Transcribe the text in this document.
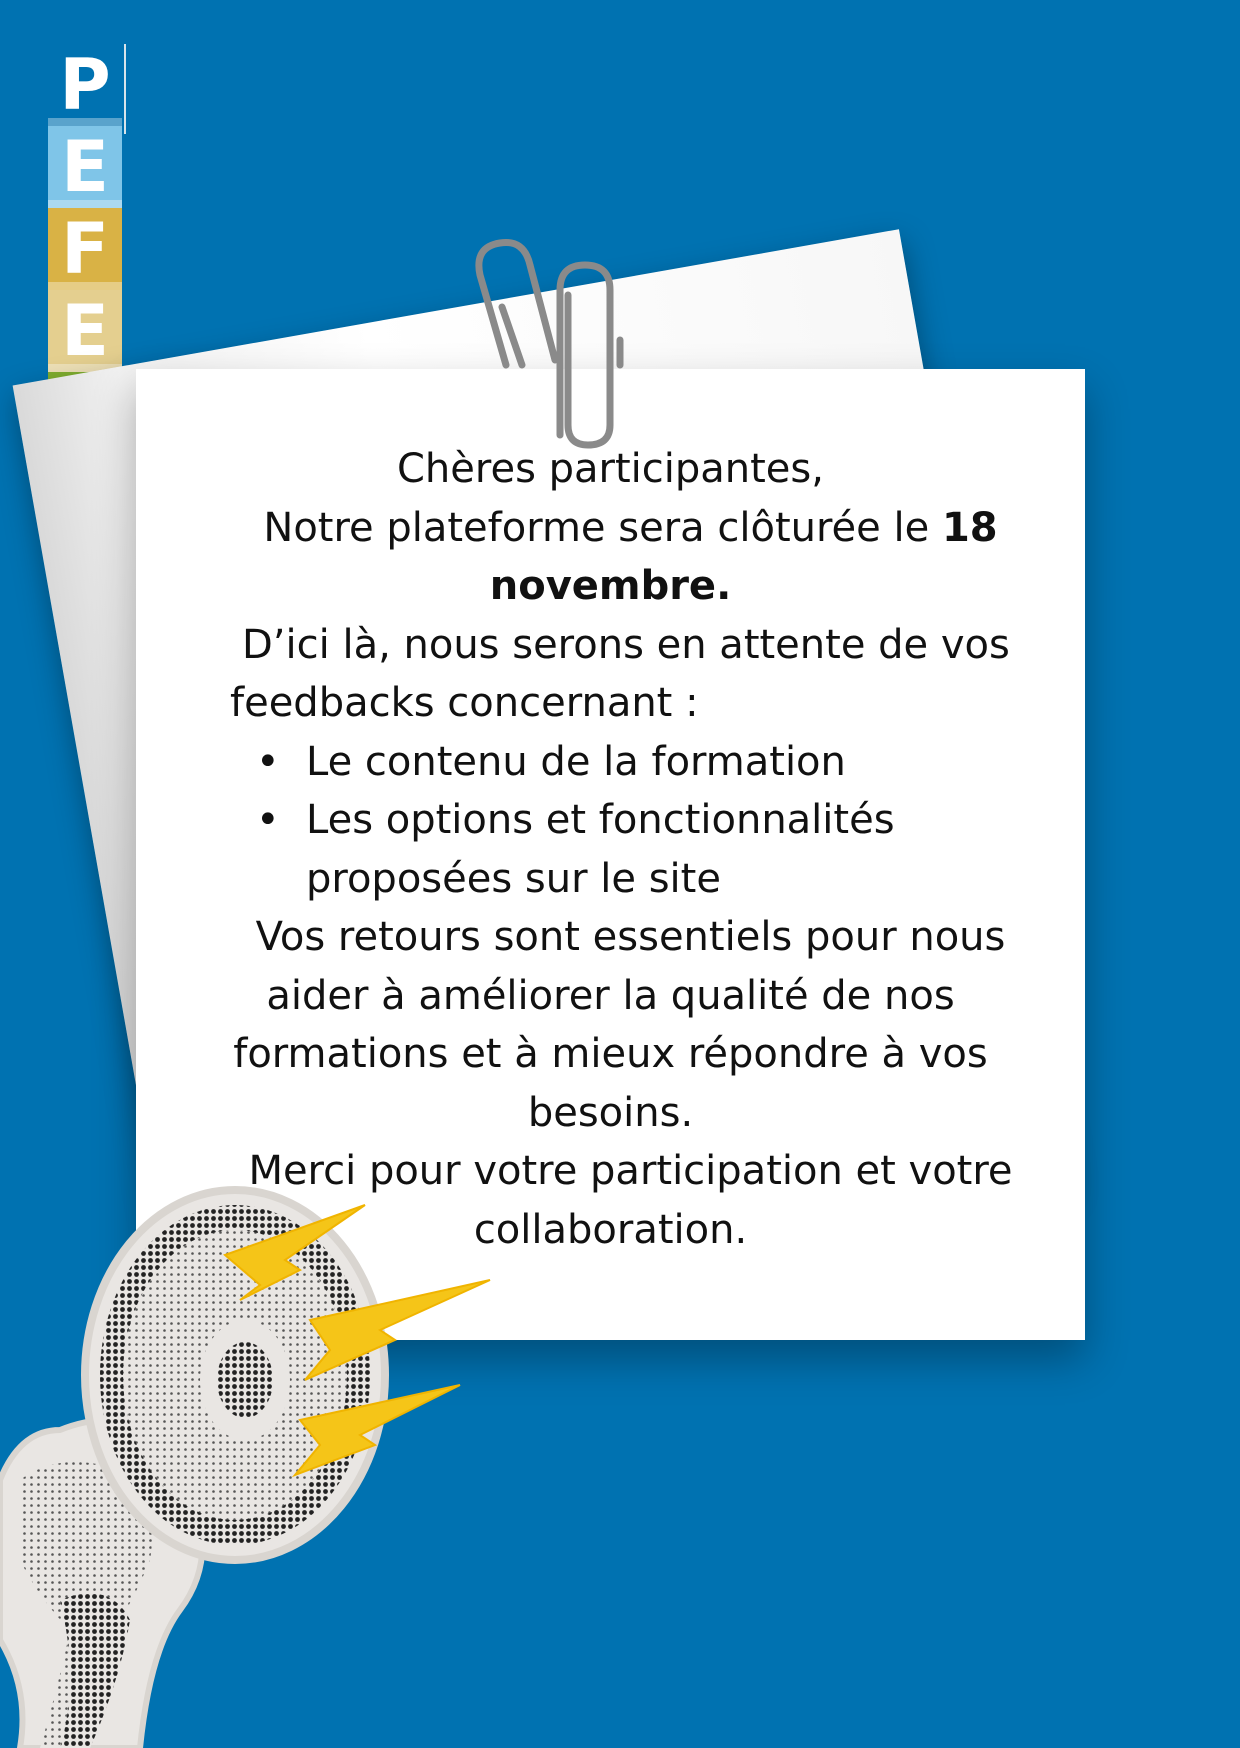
P
E
F
E

Chères participantes,

Notre plateforme sera clôturée le 18

novembre.

D’ici là, nous serons en attente de vos

feedbacks concernant :

• Le contenu de la formation
• Les options et fonctionnalités
proposées sur le site

Vos retours sont essentiels pour nous

aider à améliorer la qualité de nos

formations et à mieux répondre à vos

besoins.

Merci pour votre participation et votre

collaboration.
